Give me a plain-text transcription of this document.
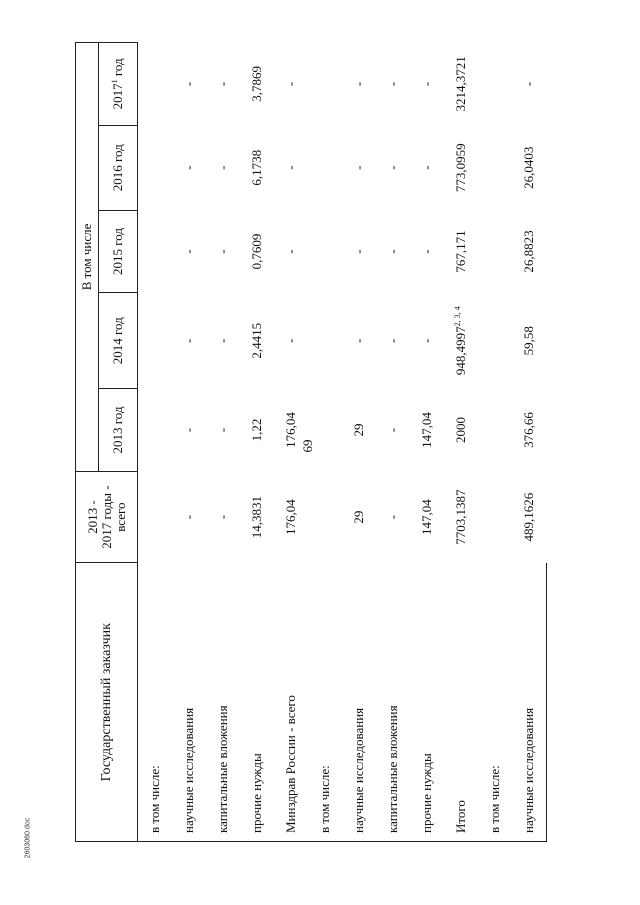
69
Государственный заказчик	2013 - 2017 годы - всего	В том числе				
		2013 год	2014 год	2015 год	2016 год	2017$^1$ год
в том числе:						
научные исследования	-	-	-	-	-	-
капитальные вложения	-	-	-	-	-	-
прочие нужды	14,3831	1,22	2,4415	0,7609	6,1738	3,7869
Минздрав России - всего	176,04	176,04	-	-	-	-
в том числе:						
научные исследования	29	29	-	-	-	-
капитальные вложения	-	-	-	-	-	-
прочие нужды	147,04	147,04	-	-	-	-
Итого	7703,1387	2000	948,4997$^{2, 3, 4}$	767,171	773,0959	3214,3721
в том числе:						
научные исследования	489,1626	376,66	59,58	26,8823	26,0403	-
2603060.doc
